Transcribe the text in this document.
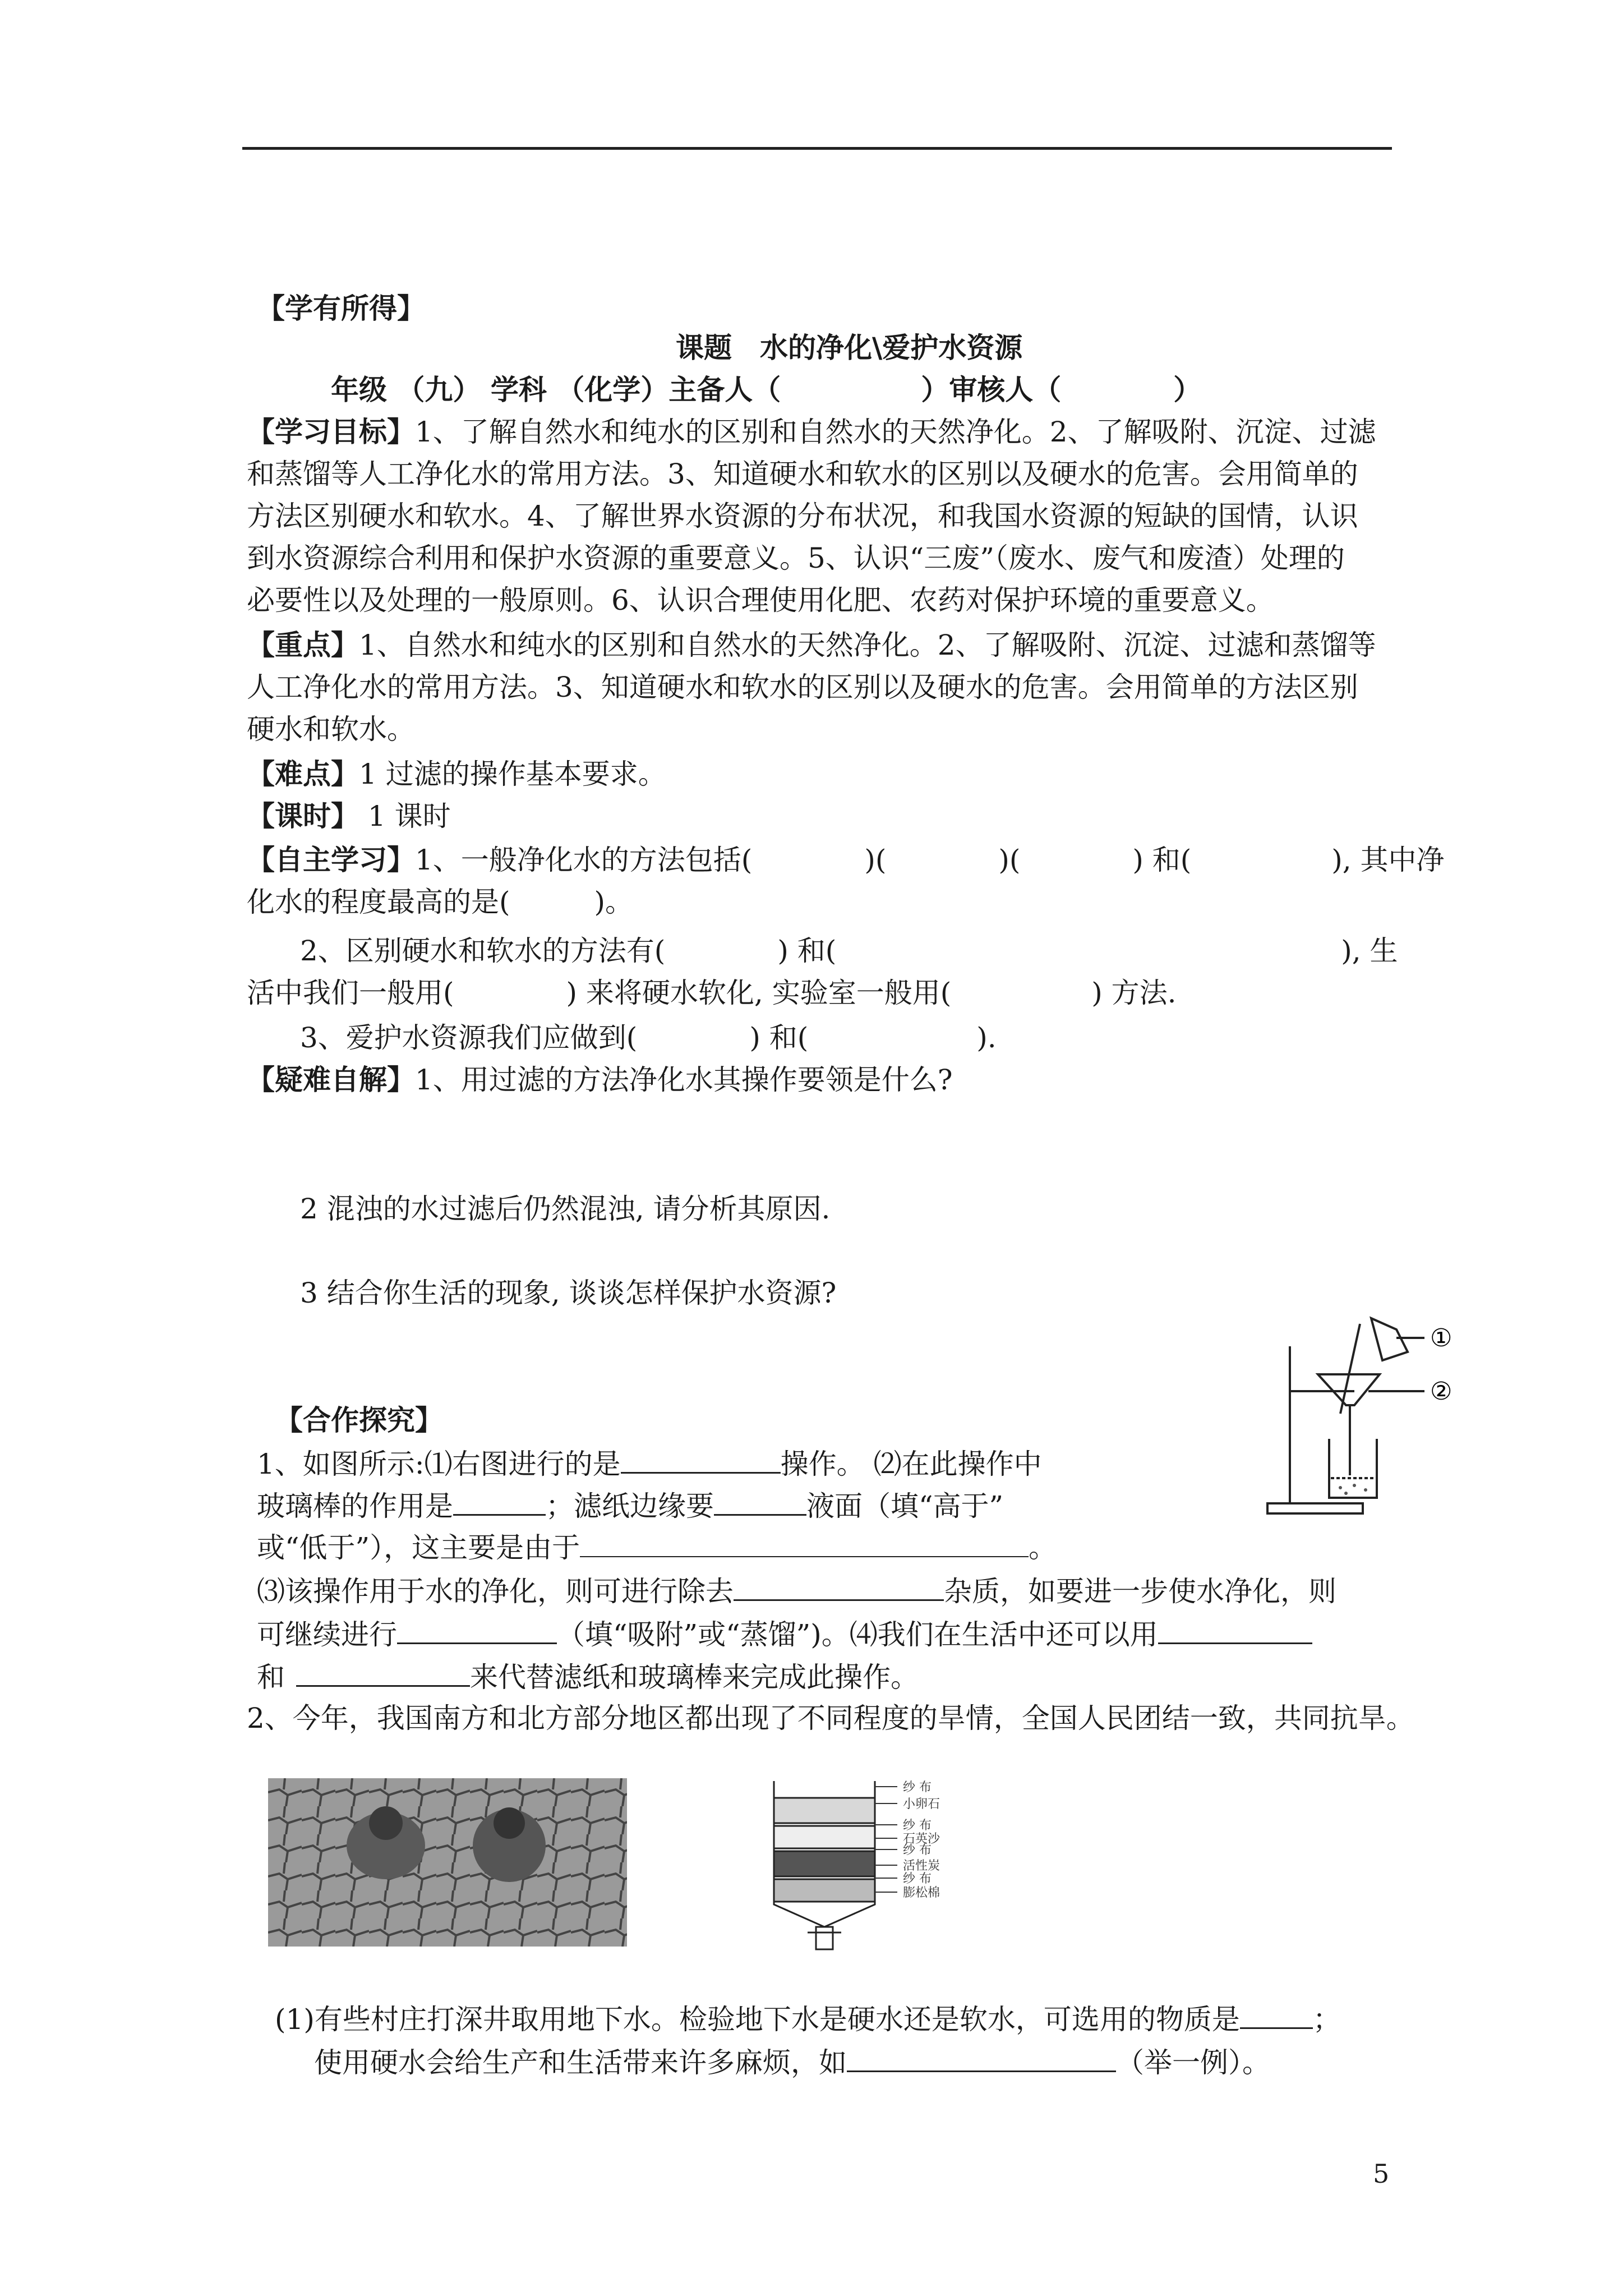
【学有所得】
课题　水的净化\爱护水资源
年级 （九） 学科 （化学）主备人（　　　　　）审核人（　　　　）
【学习目标】1、了解自然水和纯水的区别和自然水的天然净化。2、了解吸附、沉淀、过滤
和蒸馏等人工净化水的常用方法。3、知道硬水和软水的区别以及硬水的危害。会用简单的
方法区别硬水和软水。4、了解世界水资源的分布状况，和我国水资源的短缺的国情，认识
到水资源综合利用和保护水资源的重要意义。5、认识“三废”（废水、废气和废渣）处理的
必要性以及处理的一般原则。6、认识合理使用化肥、农药对保护环境的重要意义。
【重点】1、自然水和纯水的区别和自然水的天然净化。2、了解吸附、沉淀、过滤和蒸馏等
人工净化水的常用方法。3、知道硬水和软水的区别以及硬水的危害。会用简单的方法区别
硬水和软水。
【难点】1 过滤的操作基本要求。
【课时】 1 课时
【自主学习】1、一般净化水的方法包括(　　　　)(　　　　)(　　　　) 和(　　　　　), 其中净
化水的程度最高的是(　　　)。
2、区别硬水和软水的方法有(　　　　) 和(　　　　　　　　　　　　　　　　　　), 生
活中我们一般用(　　　　) 来将硬水软化, 实验室一般用(　　　　　) 方法.
3、爱护水资源我们应做到(　　　　) 和(　　　　　　).
【疑难自解】1、用过滤的方法净化水其操作要领是什么?
2 混浊的水过滤后仍然混浊, 请分析其原因.
3 结合你生活的现象, 谈谈怎样保护水资源?
①
②
【合作探究】
1、如图所示:⑴右图进行的是	操作。 ⑵在此操作中
玻璃棒的作用是	；滤纸边缘要	液面（填“高于”
或“低于”），这主要是由于	。
⑶该操作用于水的净化，则可进行除去	杂质，如要进一步使水净化，则
可继续进行	（填“吸附”或“蒸馏”)。⑷我们在生活中还可以用
和	来代替滤纸和玻璃棒来完成此操作。
2、今年，我国南方和北方部分地区都出现了不同程度的旱情，全国人民团结一致，共同抗旱。
纱 布
小卵石
纱 布
石英沙
纱 布
活性炭
纱 布
膨松棉
(1)有些村庄打深井取用地下水。检验地下水是硬水还是软水，可选用的物质是	；
使用硬水会给生产和生活带来许多麻烦，如	（举一例）。
5
